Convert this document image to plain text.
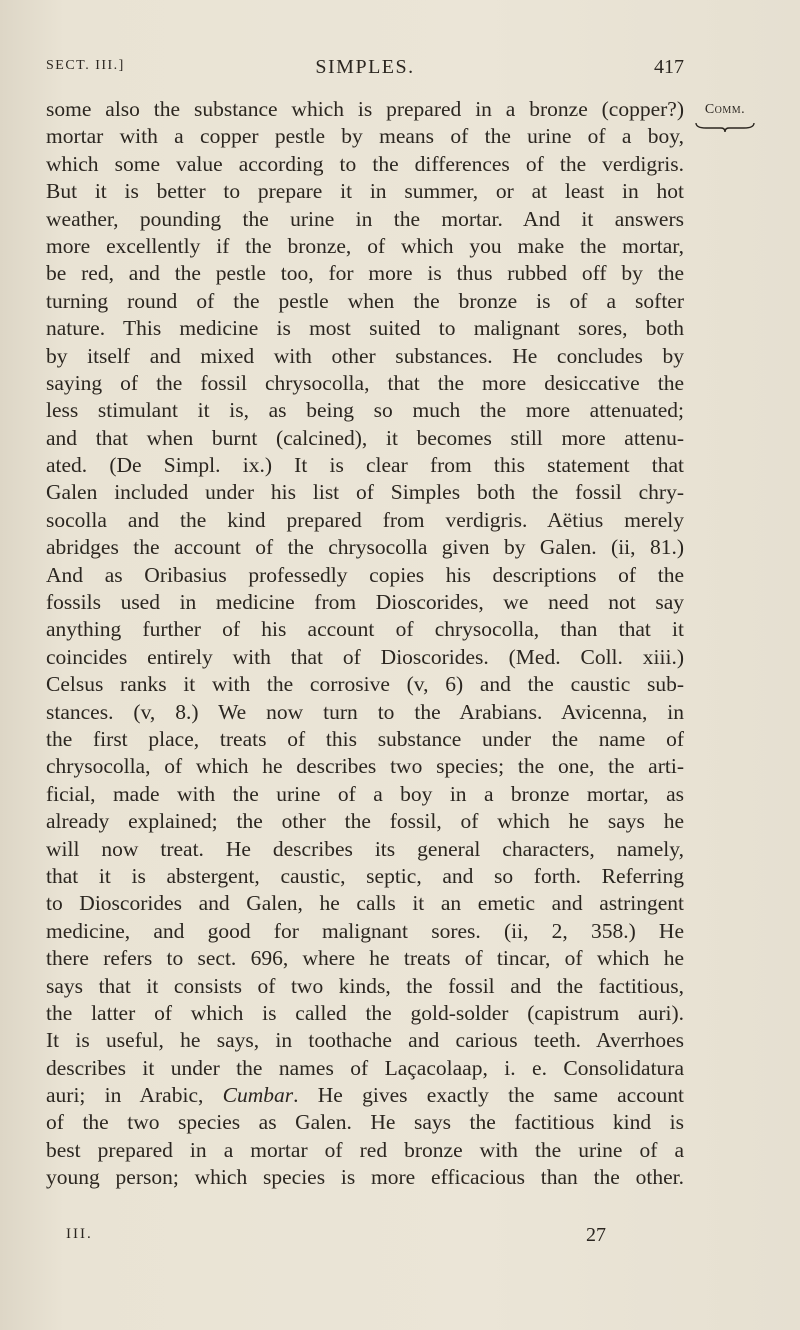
SECT. III.]	SIMPLES.	417
Comm.
some also the substance which is prepared in a bronze (copper?)
mortar with a copper pestle by means of the urine of a boy,
which some value according to the differences of the verdigris.
But it is better to prepare it in summer, or at least in hot
weather, pounding the urine in the mortar. And it answers
more excellently if the bronze, of which you make the mortar,
be red, and the pestle too, for more is thus rubbed off by the
turning round of the pestle when the bronze is of a softer
nature. This medicine is most suited to malignant sores, both
by itself and mixed with other substances. He concludes by
saying of the fossil chrysocolla, that the more desiccative the
less stimulant it is, as being so much the more attenuated;
and that when burnt (calcined), it becomes still more attenu-
ated. (De Simpl. ix.) It is clear from this statement that
Galen included under his list of Simples both the fossil chry-
socolla and the kind prepared from verdigris. Aëtius merely
abridges the account of the chrysocolla given by Galen. (ii, 81.)
And as Oribasius professedly copies his descriptions of the
fossils used in medicine from Dioscorides, we need not say
anything further of his account of chrysocolla, than that it
coincides entirely with that of Dioscorides. (Med. Coll. xiii.)
Celsus ranks it with the corrosive (v, 6) and the caustic sub-
stances. (v, 8.) We now turn to the Arabians. Avicenna, in
the first place, treats of this substance under the name of
chrysocolla, of which he describes two species; the one, the arti-
ficial, made with the urine of a boy in a bronze mortar, as
already explained; the other the fossil, of which he says he
will now treat. He describes its general characters, namely,
that it is abstergent, caustic, septic, and so forth. Referring
to Dioscorides and Galen, he calls it an emetic and astringent
medicine, and good for malignant sores. (ii, 2, 358.) He
there refers to sect. 696, where he treats of tincar, of which he
says that it consists of two kinds, the fossil and the factitious,
the latter of which is called the gold-solder (capistrum auri).
It is useful, he says, in toothache and carious teeth. Averrhoes
describes it under the names of Laçacolaap, i. e. Consolidatura
auri; in Arabic, Cumbar. He gives exactly the same account
of the two species as Galen. He says the factitious kind is
best prepared in a mortar of red bronze with the urine of a
young person; which species is more efficacious than the other.
III.	27
